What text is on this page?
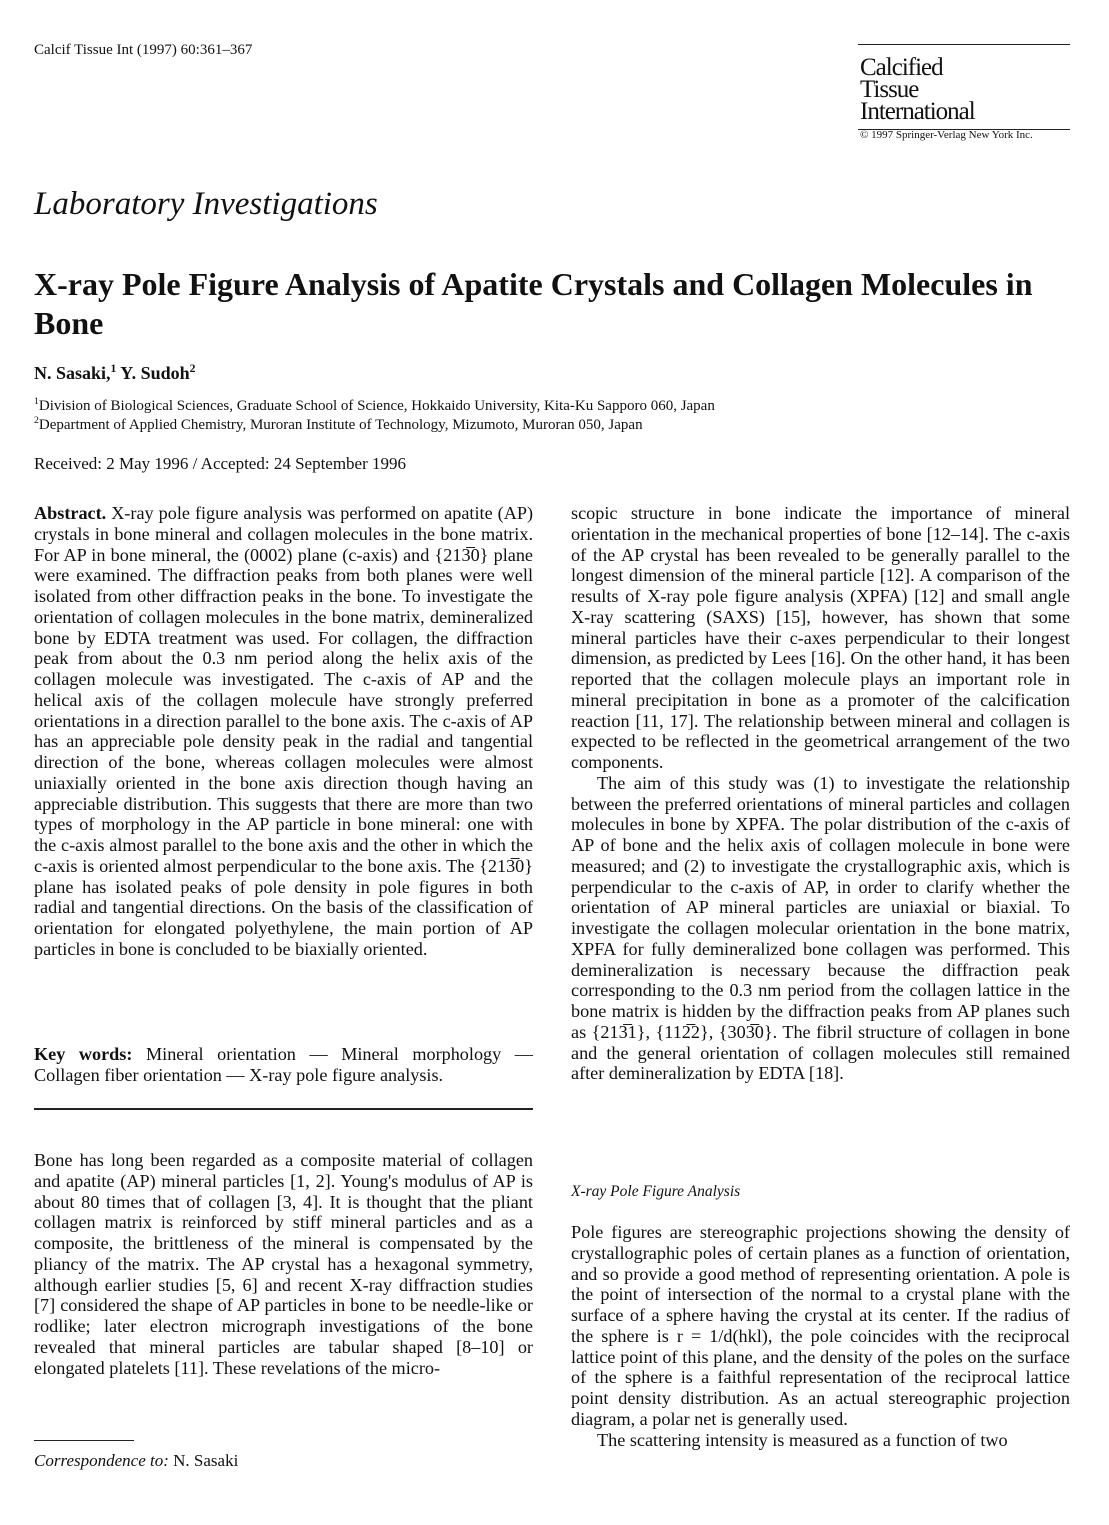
Calcif Tissue Int (1997) 60:361–367
Calcified
Tissue
International
© 1997 Springer-Verlag New York Inc.
Laboratory Investigations
X-ray Pole Figure Analysis of Apatite Crystals and Collagen Molecules in Bone
N. Sasaki,$^1$ Y. Sudoh$^2$
$^1$Division of Biological Sciences, Graduate School of Science, Hokkaido University, Kita-Ku Sapporo 060, Japan
$^2$Department of Applied Chemistry, Muroran Institute of Technology, Mizumoto, Muroran 050, Japan
Received: 2 May 1996 / Accepted: 24 September 1996

Abstract. X-ray pole figure analysis was performed on apatite (AP) crystals in bone mineral and collagen molecules in the bone matrix. For AP in bone mineral, the (0002) plane (c-axis) and {213̅0} plane were examined. The diffraction peaks from both planes were well isolated from other diffraction peaks in the bone. To investigate the orientation of collagen molecules in the bone matrix, demineralized bone by EDTA treatment was used. For collagen, the diffraction peak from about the 0.3 nm period along the helix axis of the collagen molecule was investigated. The c-axis of AP and the helical axis of the collagen molecule have strongly preferred orientations in a direction parallel to the bone axis. The c-axis of AP has an appreciable pole density peak in the radial and tangential direction of the bone, whereas collagen molecules were almost uniaxially oriented in the bone axis direction though having an appreciable distribution. This suggests that there are more than two types of morphology in the AP particle in bone mineral: one with the c-axis almost parallel to the bone axis and the other in which the c-axis is oriented almost perpendicular to the bone axis. The {213̅0} plane has isolated peaks of pole density in pole figures in both radial and tangential directions. On the basis of the classification of orientation for elongated polyethylene, the main portion of AP particles in bone is concluded to be biaxially oriented.

Key words: Mineral orientation — Mineral morphology — Collagen fiber orientation — X-ray pole figure analysis.

Bone has long been regarded as a composite material of collagen and apatite (AP) mineral particles [1, 2]. Young's modulus of AP is about 80 times that of collagen [3, 4]. It is thought that the pliant collagen matrix is reinforced by stiff mineral particles and as a composite, the brittleness of the mineral is compensated by the pliancy of the matrix. The AP crystal has a hexagonal symmetry, although earlier studies [5, 6] and recent X-ray diffraction studies [7] considered the shape of AP particles in bone to be needle-like or rodlike; later electron micrograph investigations of the bone revealed that mineral particles are tabular shaped [8–10] or elongated platelets [11]. These revelations of the micro-

scopic structure in bone indicate the importance of mineral orientation in the mechanical properties of bone [12–14]. The c-axis of the AP crystal has been revealed to be generally parallel to the longest dimension of the mineral particle [12]. A comparison of the results of X-ray pole figure analysis (XPFA) [12] and small angle X-ray scattering (SAXS) [15], however, has shown that some mineral particles have their c-axes perpendicular to their longest dimension, as predicted by Lees [16]. On the other hand, it has been reported that the collagen molecule plays an important role in mineral precipitation in bone as a promoter of the calcification reaction [11, 17]. The relationship between mineral and collagen is expected to be reflected in the geometrical arrangement of the two components.

The aim of this study was (1) to investigate the relationship between the preferred orientations of mineral particles and collagen molecules in bone by XPFA. The polar distribution of the c-axis of AP of bone and the helix axis of collagen molecule in bone were measured; and (2) to investigate the crystallographic axis, which is perpendicular to the c-axis of AP, in order to clarify whether the orientation of AP mineral particles are uniaxial or biaxial. To investigate the collagen molecular orientation in the bone matrix, XPFA for fully demineralized bone collagen was performed. This demineralization is necessary because the diffraction peak corresponding to the 0.3 nm period from the collagen lattice in the bone matrix is hidden by the diffraction peaks from AP planes such as {213̅1}, {112̅2}, {303̅0}. The fibril structure of collagen in bone and the general orientation of collagen molecules still remained after demineralization by EDTA [18].

X-ray Pole Figure Analysis

Pole figures are stereographic projections showing the density of crystallographic poles of certain planes as a function of orientation, and so provide a good method of representing orientation. A pole is the point of intersection of the normal to a crystal plane with the surface of a sphere having the crystal at its center. If the radius of the sphere is r = 1/d(hkl), the pole coincides with the reciprocal lattice point of this plane, and the density of the poles on the surface of the sphere is a faithful representation of the reciprocal lattice point density distribution. As an actual stereographic projection diagram, a polar net is generally used.

The scattering intensity is measured as a function of two

Correspondence to: N. Sasaki
